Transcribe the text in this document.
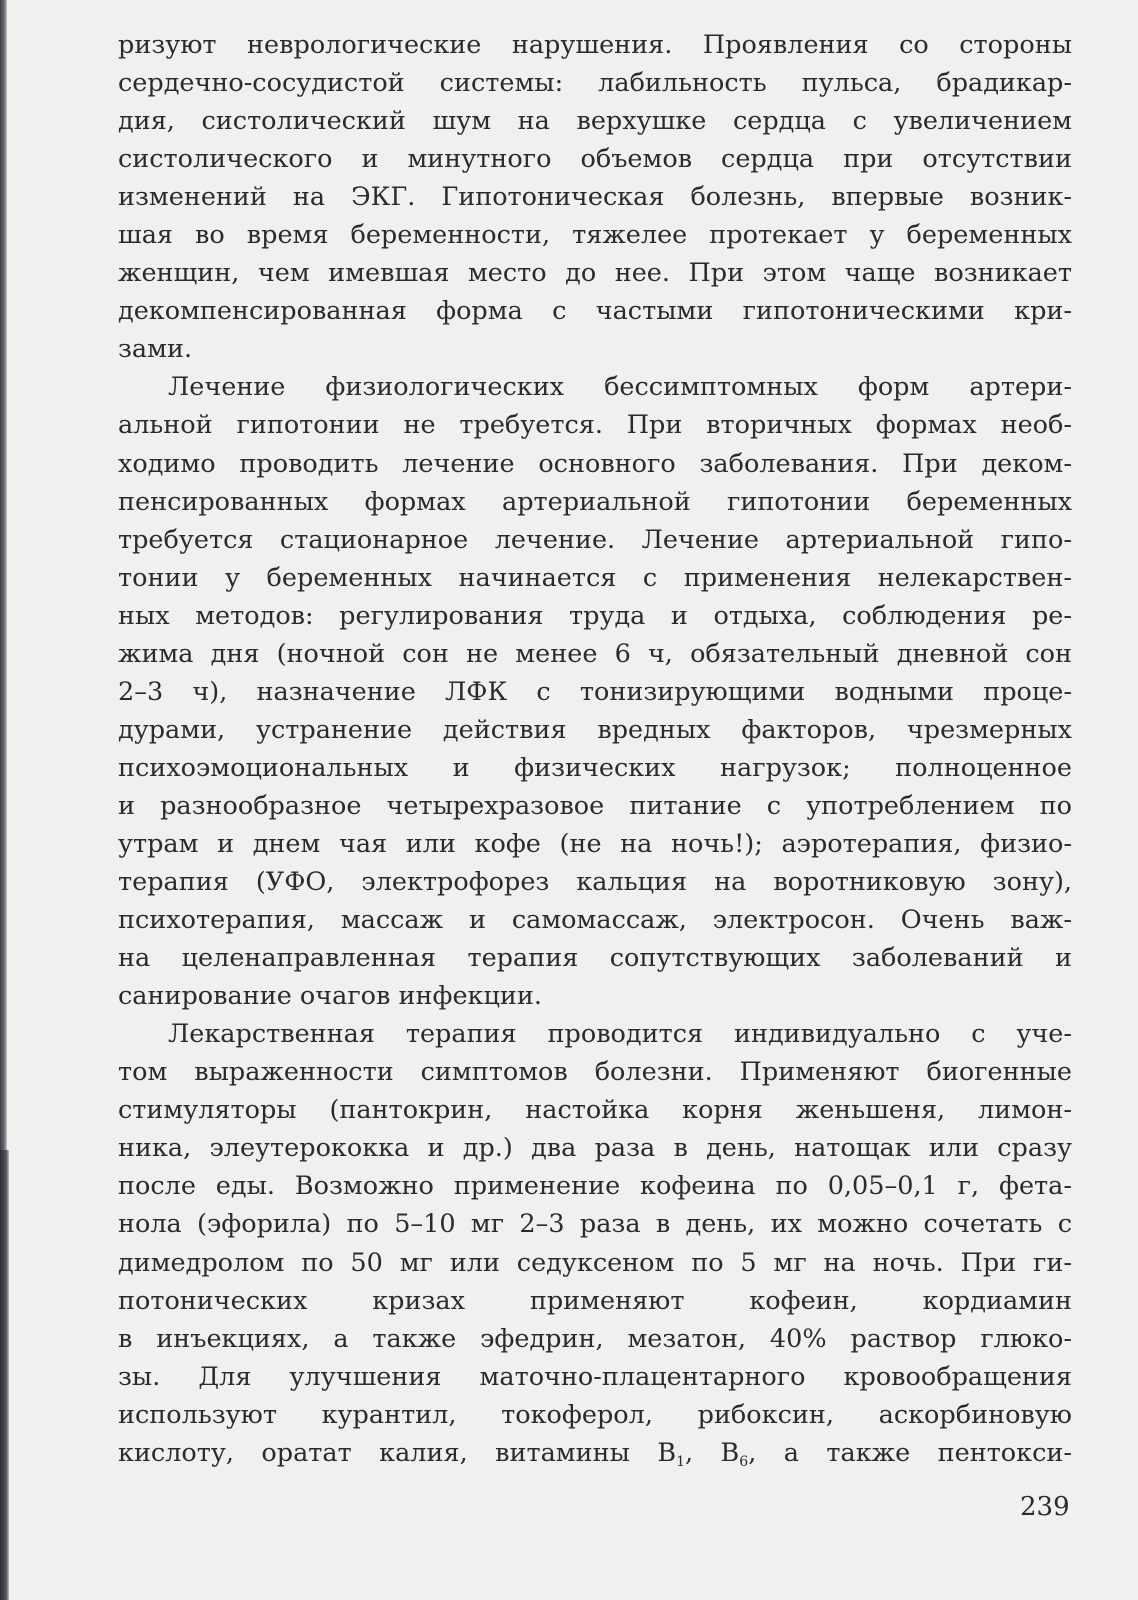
ризуют неврологические нарушения. Проявления со стороны
сердечно-сосудистой системы: лабильность пульса, брадикар-
дия, систолический шум на верхушке сердца с увеличением
систолического и минутного объемов сердца при отсутствии
изменений на ЭКГ. Гипотоническая болезнь, впервые возник-
шая во время беременности, тяжелее протекает у беременных
женщин, чем имевшая место до нее. При этом чаще возникает
декомпенсированная форма с частыми гипотоническими кри-
зами.
Лечение физиологических бессимптомных форм артери-
альной гипотонии не требуется. При вторичных формах необ-
ходимо проводить лечение основного заболевания. При деком-
пенсированных формах артериальной гипотонии беременных
требуется стационарное лечение. Лечение артериальной гипо-
тонии у беременных начинается с применения нелекарствен-
ных методов: регулирования труда и отдыха, соблюдения ре-
жима дня (ночной сон не менее 6 ч, обязательный дневной сон
2–3 ч), назначение ЛФК с тонизирующими водными проце-
дурами, устранение действия вредных факторов, чрезмерных
психоэмоциональных и физических нагрузок; полноценное
и разнообразное четырехразовое питание с употреблением по
утрам и днем чая или кофе (не на ночь!); аэротерапия, физио-
терапия (УФО, электрофорез кальция на воротниковую зону),
психотерапия, массаж и самомассаж, электросон. Очень важ-
на целенаправленная терапия сопутствующих заболеваний и
санирование очагов инфекции.
Лекарственная терапия проводится индивидуально с уче-
том выраженности симптомов болезни. Применяют биогенные
стимуляторы (пантокрин, настойка корня женьшеня, лимон-
ника, элеутерококка и др.) два раза в день, натощак или сразу
после еды. Возможно применение кофеина по 0,05–0,1 г, фета-
нола (эфорила) по 5–10 мг 2–3 раза в день, их можно сочетать с
димедролом по 50 мг или седуксеном по 5 мг на ночь. При ги-
потонических кризах применяют кофеин, кордиамин
в инъекциях, а также эфедрин, мезатон, 40% раствор глюко-
зы. Для улучшения маточно-плацентарного кровообращения
используют курантил, токоферол, рибоксин, аскорбиновую
кислоту, оратат калия, витамины $В_1$, $В_6$, а также пентокси-
239
